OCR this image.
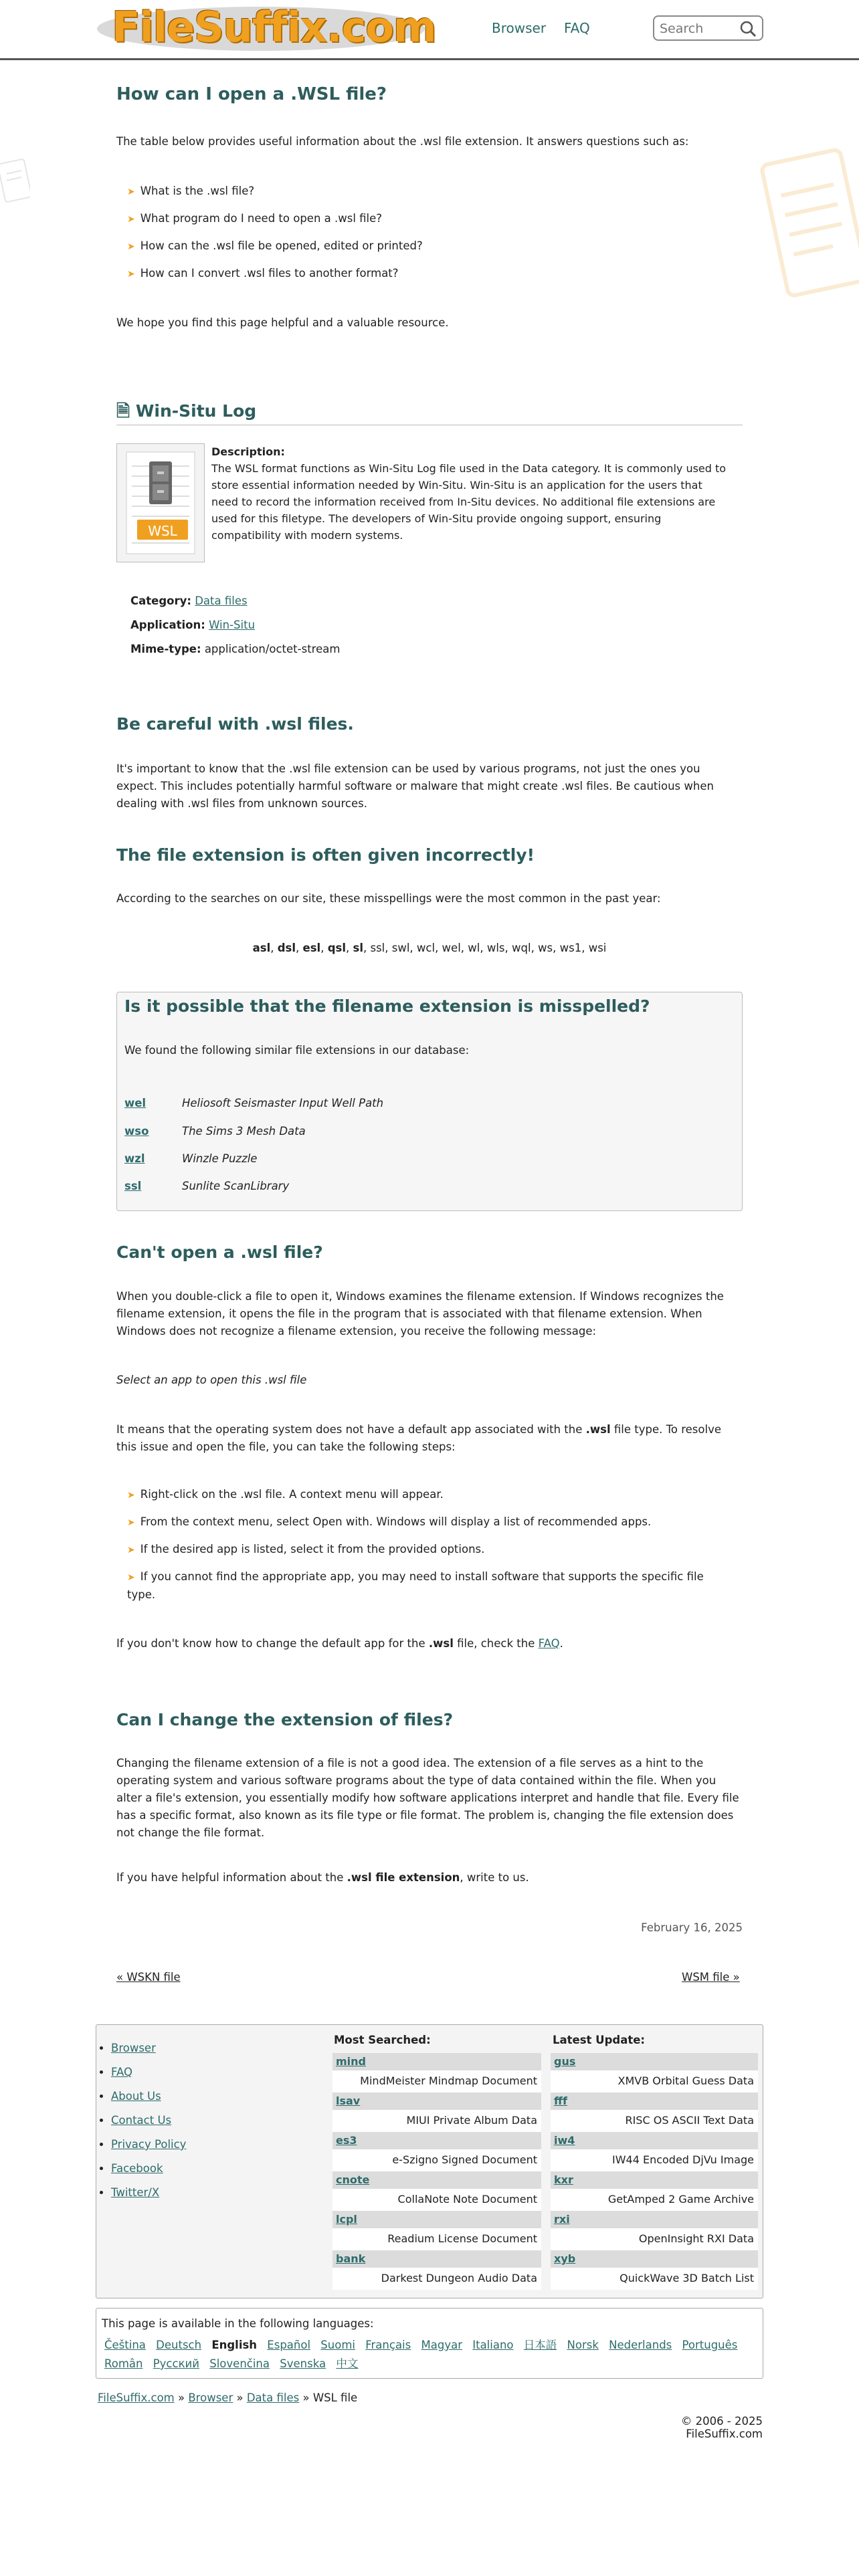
FileSuffix.com	Browser FAQ	Search
How can I open a .WSL file?
The table below provides useful information about the .wsl file extension. It answers questions such as:
➤ What is the .wsl file?
➤ What program do I need to open a .wsl file?
➤ How can the .wsl file be opened, edited or printed?
➤ How can I convert .wsl files to another format?
We hope you find this page helpful and a valuable resource.
🗎 Win-Situ Log
WSL
Description:
The WSL format functions as Win-Situ Log file used in the Data category. It is commonly used to store essential information needed by Win-Situ. Win-Situ is an application for the users that need to record the information received from In-Situ devices. No additional file extensions are used for this filetype. The developers of Win-Situ provide ongoing support, ensuring compatibility with modern systems.
Category: Data files
Application: Win-Situ
Mime-type: application/octet-stream
Be careful with .wsl files.
It's important to know that the .wsl file extension can be used by various programs, not just the ones you expect. This includes potentially harmful software or malware that might create .wsl files. Be cautious when dealing with .wsl files from unknown sources.
The file extension is often given incorrectly!
According to the searches on our site, these misspellings were the most common in the past year:
asl, dsl, esl, qsl, sl, ssl, swl, wcl, wel, wl, wls, wql, ws, ws1, wsi
Is it possible that the filename extension is misspelled?
We found the following similar file extensions in our database:
wel	Heliosoft Seismaster Input Well Path
wso	The Sims 3 Mesh Data
wzl	Winzle Puzzle
ssl	Sunlite ScanLibrary
Can't open a .wsl file?
When you double-click a file to open it, Windows examines the filename extension. If Windows recognizes the filename extension, it opens the file in the program that is associated with that filename extension. When Windows does not recognize a filename extension, you receive the following message:
Select an app to open this .wsl file
It means that the operating system does not have a default app associated with the .wsl file type. To resolve this issue and open the file, you can take the following steps:
➤ Right-click on the .wsl file. A context menu will appear.
➤ From the context menu, select Open with. Windows will display a list of recommended apps.
➤ If the desired app is listed, select it from the provided options.
➤ If you cannot find the appropriate app, you may need to install software that supports the specific file type.
If you don't know how to change the default app for the .wsl file, check the FAQ.
Can I change the extension of files?
Changing the filename extension of a file is not a good idea. The extension of a file serves as a hint to the operating system and various software programs about the type of data contained within the file. When you alter a file's extension, you essentially modify how software applications interpret and handle that file. Every file has a specific format, also known as its file type or file format. The problem is, changing the file extension does not change the file format.
If you have helpful information about the .wsl file extension, write to us.
February 16, 2025
« WSKN file	WSM file »
• Browser
• FAQ
• About Us
• Contact Us
• Privacy Policy
• Facebook
• Twitter/X
Most Searched:
mind
MindMeister Mindmap Document
lsav
MIUI Private Album Data
es3
e-Szigno Signed Document
cnote
CollaNote Note Document
lcpl
Readium License Document
bank
Darkest Dungeon Audio Data
Latest Update:
gus
XMVB Orbital Guess Data
fff
RISC OS ASCII Text Data
iw4
IW44 Encoded DjVu Image
kxr
GetAmped 2 Game Archive
rxi
OpenInsight RXI Data
xyb
QuickWave 3D Batch List
This page is available in the following languages:
Čeština Deutsch English Español Suomi Français Magyar Italiano 日本語 Norsk Nederlands Português
Român Русский Slovenčina Svenska 中文
FileSuffix.com » Browser » Data files » WSL file
© 2006 - 2025 FileSuffix.com
